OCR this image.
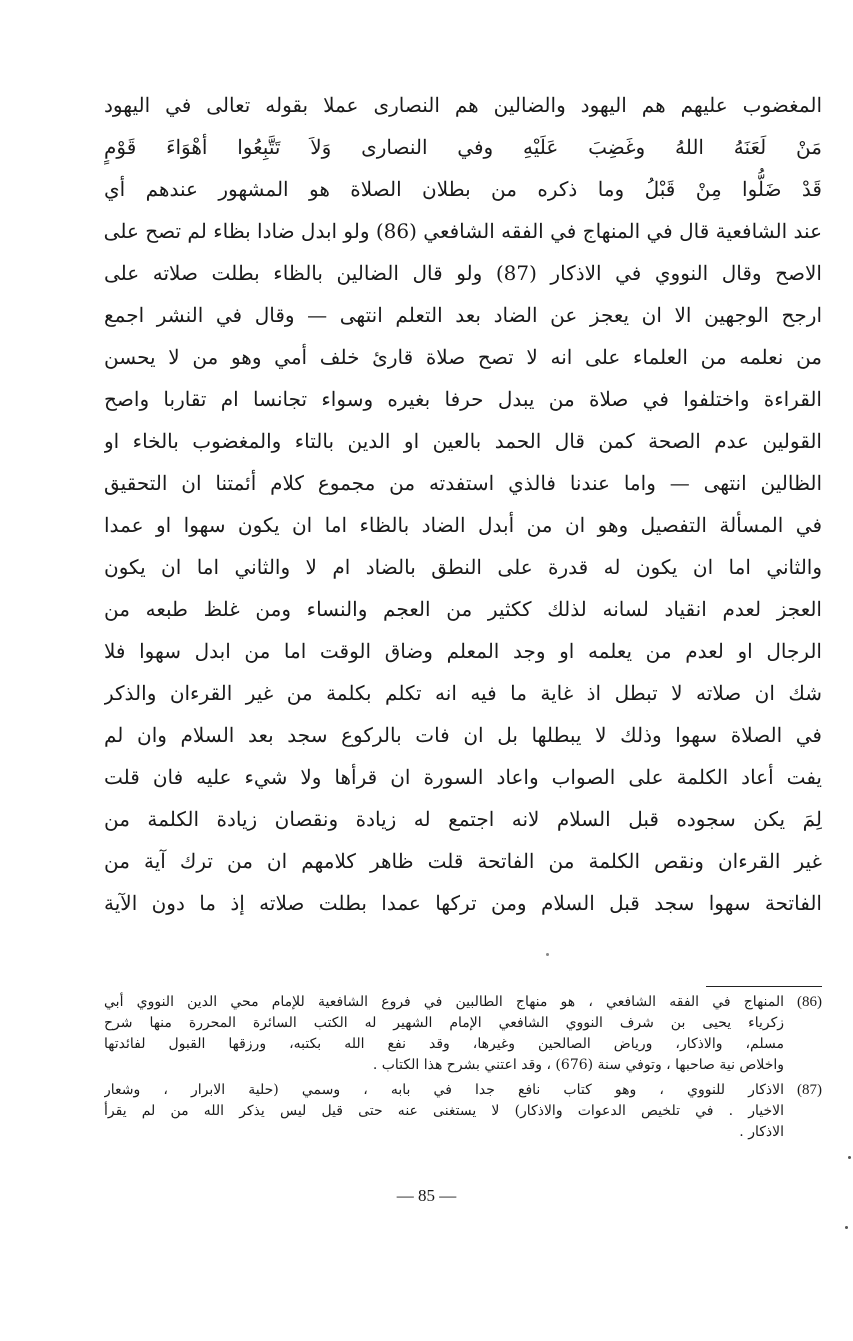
المغضوب عليهم هم اليهود والضالين هم النصارى عملا بقوله تعالى في اليهود
مَنْ لَعَنَهُ اللهُ وغَضِبَ عَلَيْهِ وفي النصارى وَلاَ تَتَّبِعُوا أهْوَاءَ قَوْمٍ
قَدْ ضَلُّوا مِنْ قَبْلُ وما ذكره من بطلان الصلاة هو المشهور عندهم أي
عند الشافعية قال في المنهاج في الفقه الشافعي (86) ولو ابدل ضادا بظاء لم تصح على
الاصح وقال النووي في الاذكار (87) ولو قال الضالين بالظاء بطلت صلاته على
ارجح الوجهين الا ان يعجز عن الضاد بعد التعلم انتهى — وقال في النشر اجمع
من نعلمه من العلماء على انه لا تصح صلاة قارئ خلف أمي وهو من لا يحسن
القراءة واختلفوا في صلاة من يبدل حرفا بغيره وسواء تجانسا ام تقاربا واصح
القولين عدم الصحة كمن قال الحمد بالعين او الدين بالتاء والمغضوب بالخاء او
الظالين انتهى — واما عندنا فالذي استفدته من مجموع كلام أئمتنا ان التحقيق
في المسألة التفصيل وهو ان من أبدل الضاد بالظاء اما ان يكون سهوا او عمدا
والثاني اما ان يكون له قدرة على النطق بالضاد ام لا والثاني اما ان يكون
العجز لعدم انقياد لسانه لذلك ككثير من العجم والنساء ومن غلظ طبعه من
الرجال او لعدم من يعلمه او وجد المعلم وضاق الوقت اما من ابدل سهوا فلا
شك ان صلاته لا تبطل اذ غاية ما فيه انه تكلم بكلمة من غير القرءان والذكر
في الصلاة سهوا وذلك لا يبطلها بل ان فات بالركوع سجد بعد السلام وان لم
يفت أعاد الكلمة على الصواب واعاد السورة ان قرأها ولا شيء عليه فان قلت
لِمَ يكن سجوده قبل السلام لانه اجتمع له زيادة ونقصان زيادة الكلمة من
غير القرءان ونقص الكلمة من الفاتحة قلت ظاهر كلامهم ان من ترك آية من
الفاتحة سهوا سجد قبل السلام ومن تركها عمدا بطلت صلاته إذ ما دون الآية
(86)
المنهاج في الفقه الشافعي ، هو منهاج الطالبين في فروع الشافعية للإمام محي الدين النووي أبي
زكرياء يحيى بن شرف النووي الشافعي الإمام الشهير له الكتب السائرة المحررة منها شرح
مسلم، والاذكار، ورياض الصالحين وغيرها، وقد نفع الله بكتبه، ورزقها القبول لفائدتها
واخلاص نية صاحبها ، وتوفي سنة (676) ، وقد اعتني بشرح هذا الكتاب .
(87)
الاذكار للنووي ، وهو كتاب نافع جدا في بابه ، وسمي (حلية الابرار ، وشعار
الاخيار . في تلخيص الدعوات والاذكار) لا يستغنى عنه حتى قيل ليس يذكر الله من لم يقرأ
الاذكار .
— 85 —
